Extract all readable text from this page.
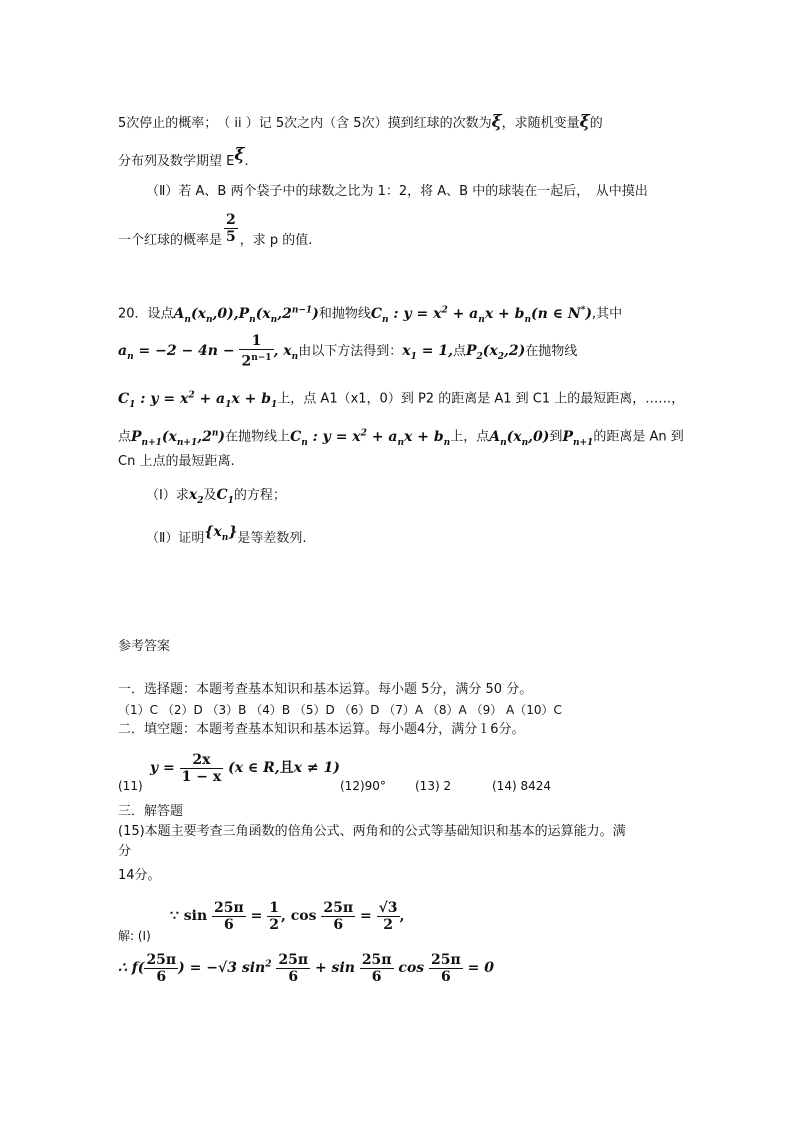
5次停止的概率；　（ ii ）记 5次之内（含 5次）摸到红球的次数为ξ，求随机变量ξ的
分布列及数学期望 Eξ.
（Ⅱ）若 A、B 两个袋子中的球数之比为 1：2，将 A、B 中的球装在一起后，　从中摸出
一个红球的概率是 $\frac{2}{5}$ ，求 p 的值.
20．设点$A_n(x_n,0),P_n(x_n,2^{n-1})$和抛物线$C_n$ : $y = x^2 + a_nx + b_n(n$ ∈ N*),其中
$a_n = -2 - 4n - \frac{1}{2^{n-1}}$ , $x_n$由以下方法得到：$x_1 = 1$,点$P_2(x_2,2)$在抛物线
$C_1$ : $y = x^2 + a_1x + b_1$上，点 A1（x1，0）到 P2 的距离是 A1 到 C1 上的最短距离，……，
点$P_{n+1}(x_{n+1},2^n)$在抛物线上$C_n$ : $y = x^2 + a_nx + b_n$上，点$A_n(x_n,0)$到$P_{n+1}$的距离是 An 到
Cn 上点的最短距离.
（Ⅰ）求$x_2$及$C_1$的方程；
（Ⅱ）证明$\{x_n\}$是等差数列.
参考答案
一．选择题：本题考查基本知识和基本运算。每小题 5分，满分 50 分。
（1）C （2）D （3）B （4）B （5）D （6）D （7）A （8）A （9） A（10）C
二．填空题：本题考查基本知识和基本运算。每小题4分，满分１6分。
(11)
$y = \frac{2x}{1 - x} (x$ ∈ R,且x ≠ 1)
(12)90° (13) 2	(14) 8424
三．解答题
(15)本题主要考查三角函数的倍角公式、两角和的公式等基础知识和基本的运算能力。满
分
14分。
∵ $\sin \frac{25\pi}{6} = \frac{1}{2}$ , $\cos \frac{25\pi}{6} = \frac{√3}{2}$ ,
解: (I)
∴ $f( \frac{25\pi}{6}$ ) = −√3 $\sin^2 \frac{25\pi}{6} + \sin \frac{25\pi}{6}$ $\cos \frac{25\pi}{6} = 0$
